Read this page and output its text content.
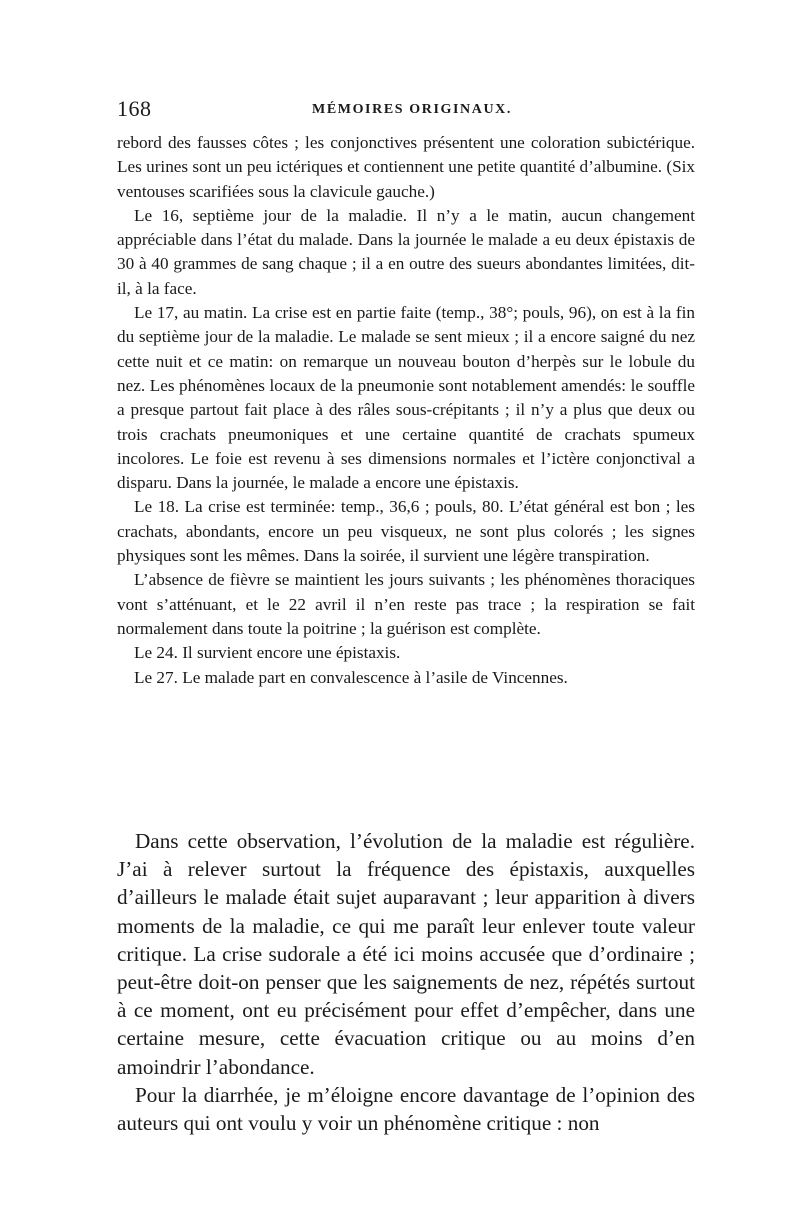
168	MÉMOIRES ORIGINAUX.

rebord des fausses côtes ; les conjonctives présentent une coloration subictérique. Les urines sont un peu ictériques et contiennent une petite quantité d’albumine. (Six ventouses scarifiées sous la clavicule gauche.)

Le 16, septième jour de la maladie. Il n’y a le matin, aucun changement appréciable dans l’état du malade. Dans la journée le malade a eu deux épistaxis de 30 à 40 grammes de sang chaque ; il a en outre des sueurs abondantes limitées, dit-il, à la face.

Le 17, au matin. La crise est en partie faite (temp., 38°; pouls, 96), on est à la fin du septième jour de la maladie. Le malade se sent mieux ; il a encore saigné du nez cette nuit et ce matin: on remarque un nouveau bouton d’herpès sur le lobule du nez. Les phénomènes locaux de la pneumonie sont notablement amendés: le souffle a presque partout fait place à des râles sous-crépitants ; il n’y a plus que deux ou trois crachats pneumoniques et une certaine quantité de crachats spumeux incolores. Le foie est revenu à ses dimensions normales et l’ictère conjonctival a disparu. Dans la journée, le malade a encore une épistaxis.

Le 18. La crise est terminée: temp., 36,6 ; pouls, 80. L’état général est bon ; les crachats, abondants, encore un peu visqueux, ne sont plus colorés ; les signes physiques sont les mêmes. Dans la soirée, il survient une légère transpiration.

L’absence de fièvre se maintient les jours suivants ; les phénomènes thoraciques vont s’atténuant, et le 22 avril il n’en reste pas trace ; la respiration se fait normalement dans toute la poitrine ; la guérison est complète.

Le 24. Il survient encore une épistaxis.

Le 27. Le malade part en convalescence à l’asile de Vincennes.

Dans cette observation, l’évolution de la maladie est régulière. J’ai à relever surtout la fréquence des épistaxis, auxquelles d’ailleurs le malade était sujet auparavant ; leur apparition à divers moments de la maladie, ce qui me paraît leur enlever toute valeur critique. La crise sudorale a été ici moins accusée que d’ordinaire ; peut-être doit-on penser que les saignements de nez, répétés surtout à ce moment, ont eu précisément pour effet d’empêcher, dans une certaine mesure, cette évacuation critique ou au moins d’en amoindrir l’abondance.

Pour la diarrhée, je m’éloigne encore davantage de l’opinion des auteurs qui ont voulu y voir un phénomène critique : non
